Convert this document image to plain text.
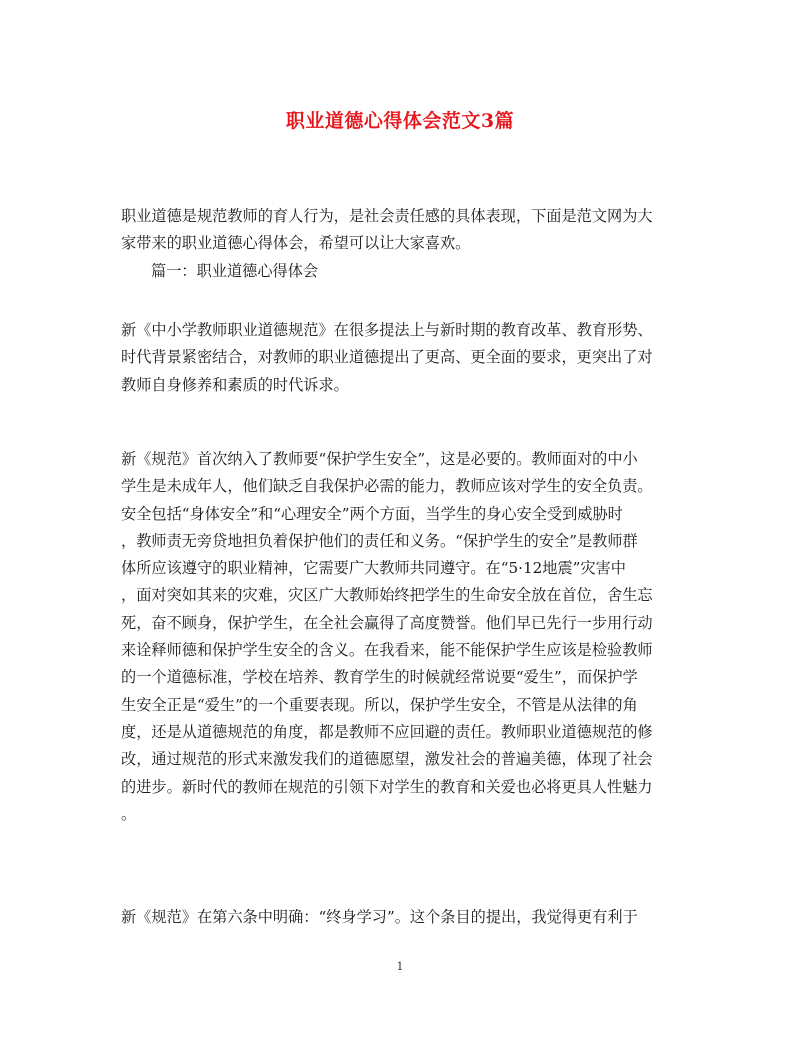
职业道德心得体会范文3篇
职业道德是规范教师的育人行为，是社会责任感的具体表现，下面是范文网为大
家带来的职业道德心得体会，希望可以让大家喜欢。
篇一：职业道德心得体会
新《中小学教师职业道德规范》在很多提法上与新时期的教育改革、教育形势、
时代背景紧密结合，对教师的职业道德提出了更高、更全面的要求，更突出了对
教师自身修养和素质的时代诉求。
新《规范》首次纳入了教师要“保护学生安全”，这是必要的。教师面对的中小
学生是未成年人，他们缺乏自我保护必需的能力，教师应该对学生的安全负责。
安全包括“身体安全”和“心理安全”两个方面，当学生的身心安全受到威胁时
，教师责无旁贷地担负着保护他们的责任和义务。“保护学生的安全”是教师群
体所应该遵守的职业精神，它需要广大教师共同遵守。在“5·12地震”灾害中
，面对突如其来的灾难，灾区广大教师始终把学生的生命安全放在首位，舍生忘
死，奋不顾身，保护学生，在全社会赢得了高度赞誉。他们早已先行一步用行动
来诠释师德和保护学生安全的含义。在我看来，能不能保护学生应该是检验教师
的一个道德标准，学校在培养、教育学生的时候就经常说要“爱生”，而保护学
生安全正是“爱生”的一个重要表现。所以，保护学生安全，不管是从法律的角
度，还是从道德规范的角度，都是教师不应回避的责任。教师职业道德规范的修
改，通过规范的形式来激发我们的道德愿望，激发社会的普遍美德，体现了社会
的进步。新时代的教师在规范的引领下对学生的教育和关爱也必将更具人性魅力
。
新《规范》在第六条中明确：“终身学习”。这个条目的提出，我觉得更有利于
1
